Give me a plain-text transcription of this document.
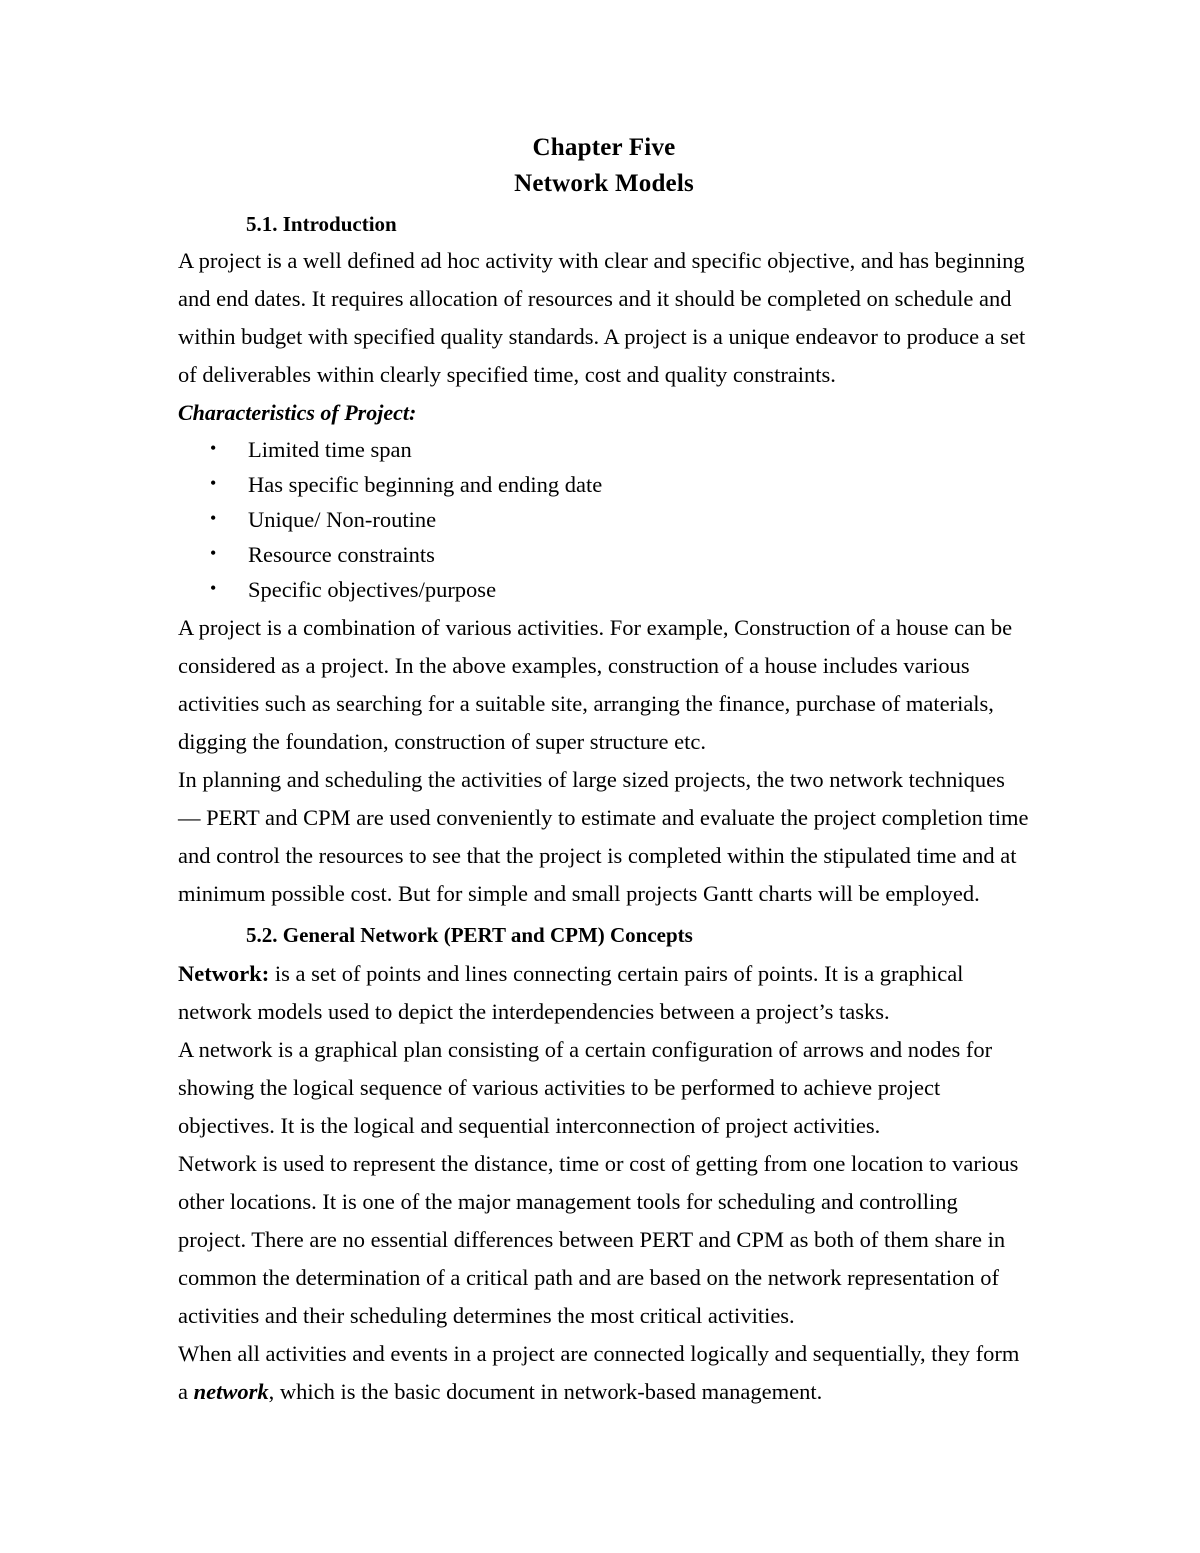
Chapter Five
Network Models
5.1. Introduction

A project is a well defined ad hoc activity with clear and specific objective, and has beginning and end dates. It requires allocation of resources and it should be completed on schedule and within budget with specified quality standards. A project is a unique endeavor to produce a set of deliverables within clearly specified time, cost and quality constraints.

Characteristics of Project:
• Limited time span
• Has specific beginning and ending date
• Unique/ Non-routine
• Resource constraints
• Specific objectives/purpose

A project is a combination of various activities. For example, Construction of a house can be considered as a project. In the above examples, construction of a house includes various activities such as searching for a suitable site, arranging the finance, purchase of materials, digging the foundation, construction of super structure etc.

In planning and scheduling the activities of large sized projects, the two network techniques — PERT and CPM are used conveniently to estimate and evaluate the project completion time and control the resources to see that the project is completed within the stipulated time and at minimum possible cost. But for simple and small projects Gantt charts will be employed.

5.2. General Network (PERT and CPM) Concepts

Network: is a set of points and lines connecting certain pairs of points. It is a graphical network models used to depict the interdependencies between a project’s tasks.

A network is a graphical plan consisting of a certain configuration of arrows and nodes for showing the logical sequence of various activities to be performed to achieve project objectives. It is the logical and sequential interconnection of project activities.

Network is used to represent the distance, time or cost of getting from one location to various other locations. It is one of the major management tools for scheduling and controlling project. There are no essential differences between PERT and CPM as both of them share in common the determination of a critical path and are based on the network representation of activities and their scheduling determines the most critical activities.

When all activities and events in a project are connected logically and sequentially, they form a network, which is the basic document in network-based management.
